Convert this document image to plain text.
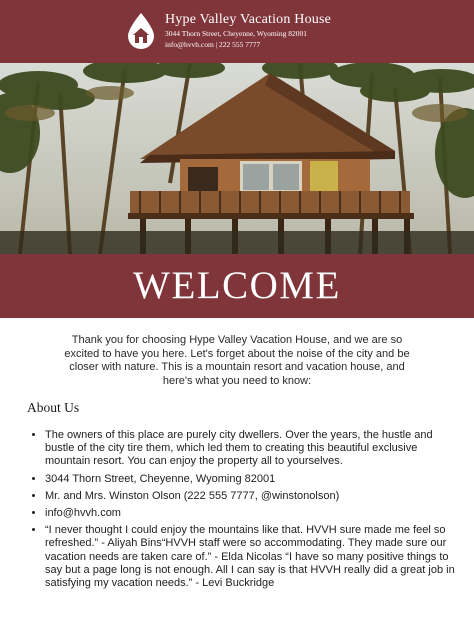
Hype Valley Vacation House
3044 Thorn Street, Cheyenne, Wyoming 82001
info@hvvh.com | 222 555 7777
WELCOME
Thank you for choosing Hype Valley Vacation House, and we are so excited to have you here. Let's forget about the noise of the city and be closer with nature. This is a mountain resort and vacation house, and here's what you need to know:
About Us
• The owners of this place are purely city dwellers. Over the years, the hustle and bustle of the city tire them, which led them to creating this beautiful exclusive mountain resort. You can enjoy the property all to yourselves.
• 3044 Thorn Street, Cheyenne, Wyoming 82001
• Mr. and Mrs. Winston Olson (222 555 7777, @winstonolson)
• info@hvvh.com
• “I never thought I could enjoy the mountains like that. HVVH sure made me feel so refreshed.” - Aliyah Bins“HVVH staff were so accommodating. They made sure our vacation needs are taken care of.” - Elda Nicolas “I have so many positive things to say but a page long is not enough. All I can say is that HVVH really did a great job in satisfying my vacation needs.” - Levi Buckridge
